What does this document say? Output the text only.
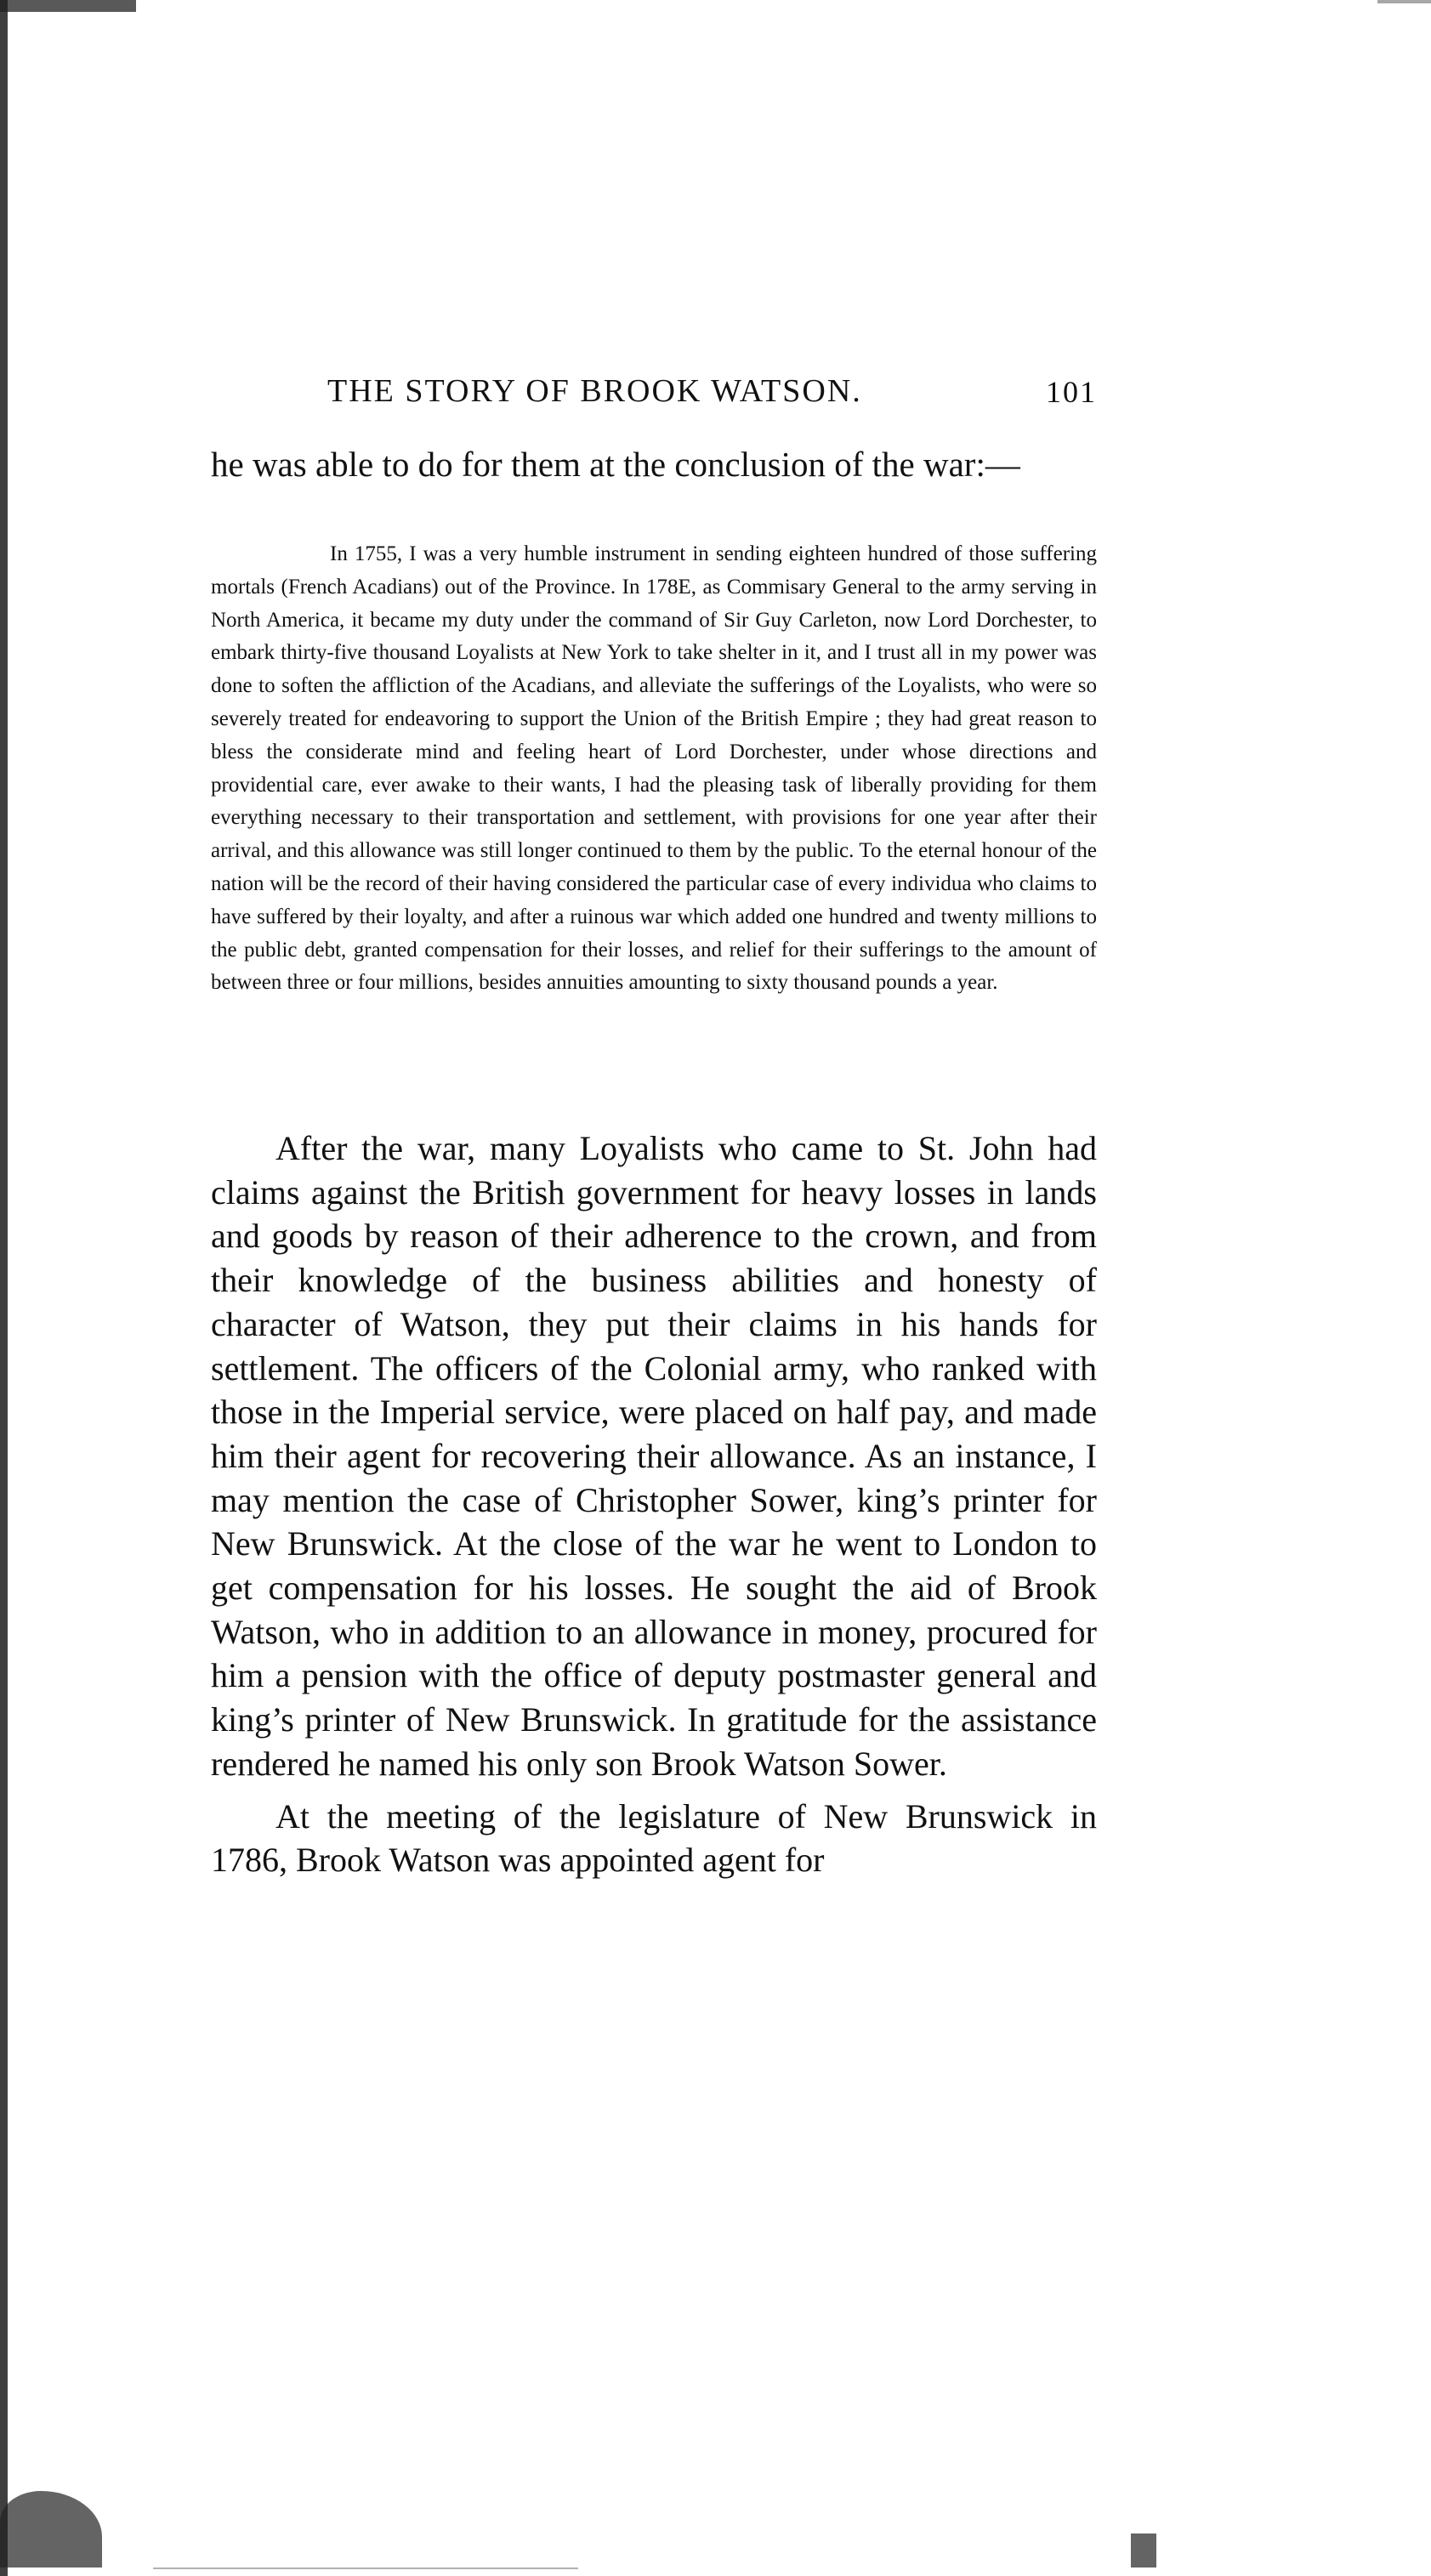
THE STORY OF BROOK WATSON.	101

he was able to do for them at the conclusion of the war:—

In 1755, I was a very humble instrument in sending eighteen hundred of those suffering mortals (French Acadians) out of the Province. In 178E, as Commisary General to the army serving in North America, it became my duty under the command of Sir Guy Carleton, now Lord Dorchester, to embark thirty-five thousand Loyalists at New York to take shelter in it, and I trust all in my power was done to soften the affliction of the Acadians, and alleviate the sufferings of the Loyalists, who were so severely treated for endeavoring to support the Union of the British Empire ; they had great reason to bless the considerate mind and feeling heart of Lord Dorchester, under whose directions and providential care, ever awake to their wants, I had the pleasing task of liberally providing for them everything necessary to their transportation and settlement, with provisions for one year after their arrival, and this allowance was still longer continued to them by the public. To the eternal honour of the nation will be the record of their having considered the particular case of every individua who claims to have suffered by their loyalty, and after a ruinous war which added one hundred and twenty millions to the public debt, granted compensation for their losses, and relief for their sufferings to the amount of between three or four millions, besides annuities amounting to sixty thousand pounds a year.

After the war, many Loyalists who came to St. John had claims against the British government for heavy losses in lands and goods by reason of their adherence to the crown, and from their knowledge of the business abilities and honesty of character of Watson, they put their claims in his hands for settlement. The officers of the Colonial army, who ranked with those in the Imperial service, were placed on half pay, and made him their agent for recovering their allowance. As an instance, I may mention the case of Christopher Sower, king’s printer for New Brunswick. At the close of the war he went to London to get compensation for his losses. He sought the aid of Brook Watson, who in addition to an allowance in money, procured for him a pension with the office of deputy postmaster general and king’s printer of New Brunswick. In gratitude for the assistance rendered he named his only son Brook Watson Sower.

At the meeting of the legislature of New Brunswick in 1786, Brook Watson was appointed agent for
